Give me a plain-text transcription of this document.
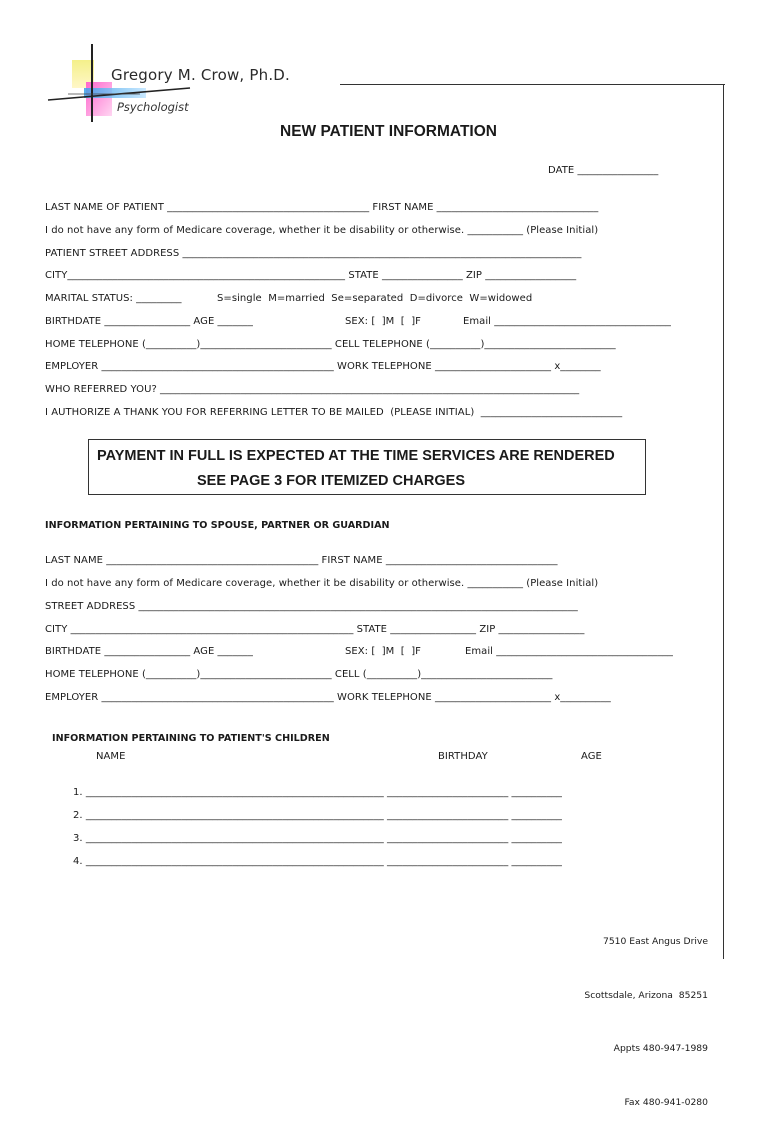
Gregory M. Crow, Ph.D.
Psychologist
NEW PATIENT INFORMATION
DATE ________________
LAST NAME OF PATIENT ________________________________________ FIRST NAME ________________________________
I do not have any form of Medicare coverage, whether it be disability or otherwise. ___________ (Please Initial)
PATIENT STREET ADDRESS _______________________________________________________________________________
CITY_______________________________________________________ STATE ________________ ZIP __________________
MARITAL STATUS: _________	S=single  M=married  Se=separated  D=divorce  W=widowed
BIRTHDATE _________________ AGE _______	SEX: [  ]M  [  ]F	Email ___________________________________
HOME TELEPHONE (__________)__________________________ CELL TELEPHONE (__________)__________________________
EMPLOYER ______________________________________________ WORK TELEPHONE _______________________ x________
WHO REFERRED YOU? ___________________________________________________________________________________
I AUTHORIZE A THANK YOU FOR REFERRING LETTER TO BE MAILED  (PLEASE INITIAL)  ____________________________

PAYMENT IN FULL IS EXPECTED AT THE TIME SERVICES ARE RENDERED

SEE PAGE 3 FOR ITEMIZED CHARGES

INFORMATION PERTAINING TO SPOUSE, PARTNER OR GUARDIAN
LAST NAME __________________________________________ FIRST NAME __________________________________
I do not have any form of Medicare coverage, whether it be disability or otherwise. ___________ (Please Initial)
STREET ADDRESS _______________________________________________________________________________________
CITY ________________________________________________________ STATE _________________ ZIP _________________
BIRTHDATE _________________ AGE _______	SEX: [  ]M  [  ]F	Email ___________________________________
HOME TELEPHONE (__________)__________________________ CELL (__________)__________________________
EMPLOYER ______________________________________________ WORK TELEPHONE _______________________ x__________
INFORMATION PERTAINING TO PATIENT'S CHILDREN
NAME	BIRTHDAY	AGE
1. ___________________________________________________________ ________________________ __________
2. ___________________________________________________________ ________________________ __________
3. ___________________________________________________________ ________________________ __________
4. ___________________________________________________________ ________________________ __________

7510 East Angus Drive

Scottsdale, Arizona  85251

Appts 480-947-1989

Fax 480-941-0280
